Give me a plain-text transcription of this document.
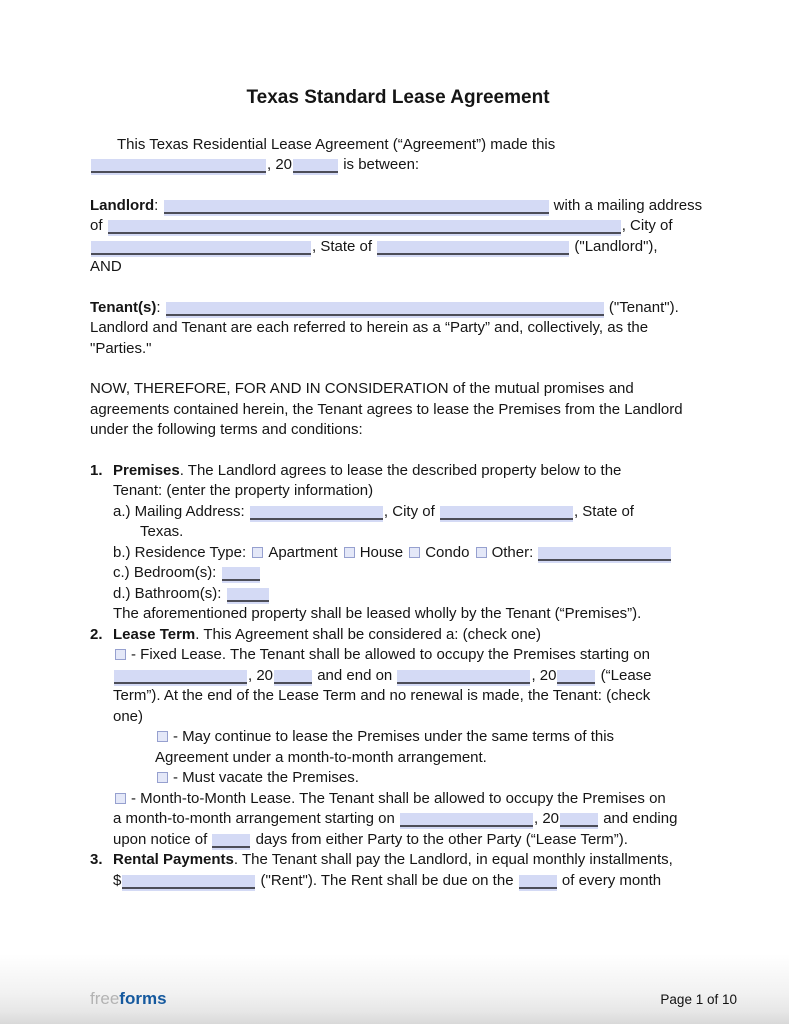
Texas Standard Lease Agreement
This Texas Residential Lease Agreement (“Agreement”) made this
, 20	is between:
Landlord:	with a mailing address
of	, City of
, State of	("Landlord"),
AND
Tenant(s):	("Tenant").
Landlord and Tenant are each referred to herein as a “Party” and, collectively, as the
"Parties."
NOW, THEREFORE, FOR AND IN CONSIDERATION of the mutual promises and agreements contained herein, the Tenant agrees to lease the Premises from the Landlord under the following terms and conditions:
1. Premises. The Landlord agrees to lease the described property below to the
Tenant: (enter the property information)
a.) Mailing Address:	, City of	, State of
Texas.
b.) Residence Type: Apartment House Condo Other:
c.) Bedroom(s):
d.) Bathroom(s):
The aforementioned property shall be leased wholly by the Tenant (“Premises”).
2. Lease Term. This Agreement shall be considered a: (check one)
- Fixed Lease. The Tenant shall be allowed to occupy the Premises starting on
, 20	and end on	, 20	(“Lease
Term”). At the end of the Lease Term and no renewal is made, the Tenant: (check
one)
- May continue to lease the Premises under the same terms of this
Agreement under a month-to-month arrangement.
- Must vacate the Premises.
- Month-to-Month Lease. The Tenant shall be allowed to occupy the Premises on
a month-to-month arrangement starting on	, 20	and ending
upon notice of	days from either Party to the other Party (“Lease Term”).
3. Rental Payments. The Tenant shall pay the Landlord, in equal monthly installments,
$	("Rent"). The Rent shall be due on the	of every month
freeforms	Page 1 of 10
